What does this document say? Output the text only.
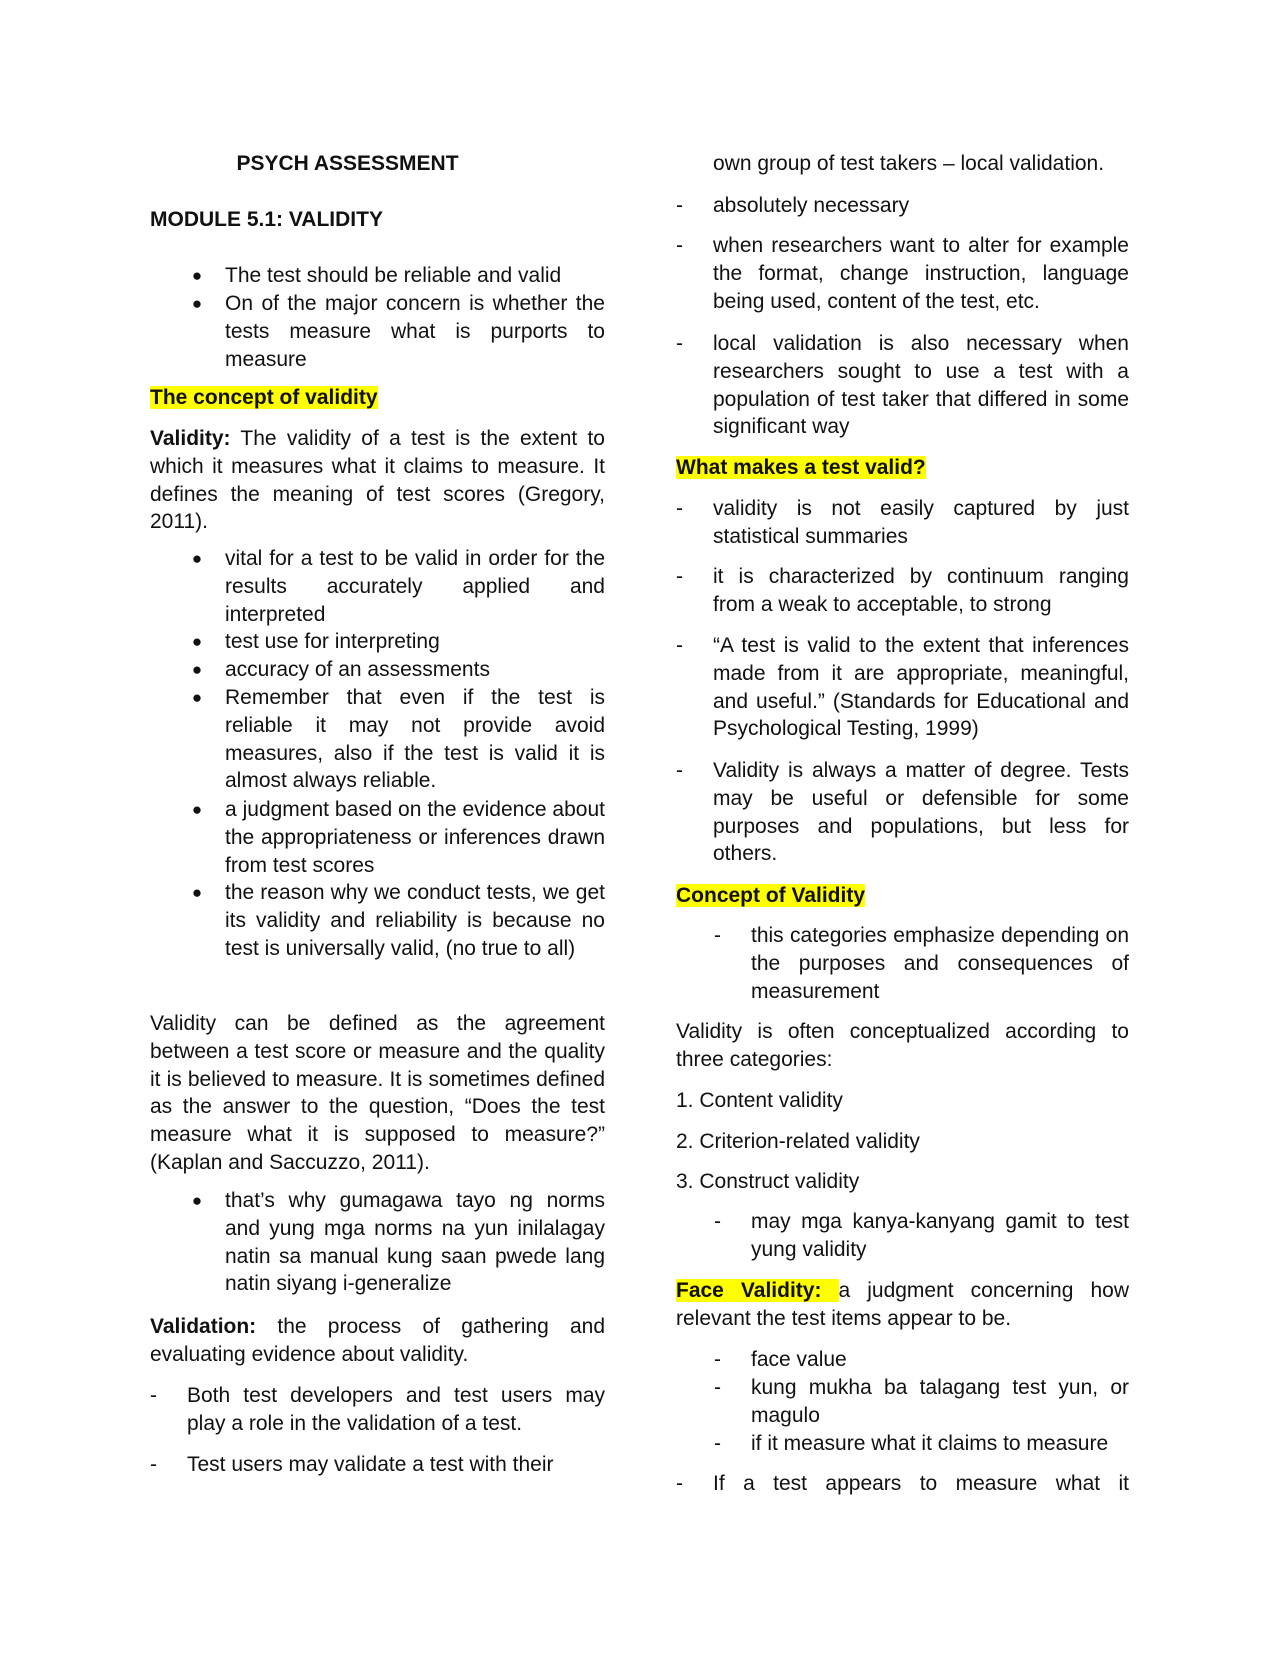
PSYCH ASSESSMENT
MODULE 5.1: VALIDITY
● The test should be reliable and valid
● On of the major concern is whether the tests measure what is purports to measure
The concept of validity
Validity: The validity of a test is the extent to which it measures what it claims to measure. It defines the meaning of test scores (Gregory, 2011).
● vital for a test to be valid in order for the results accurately applied and interpreted
● test use for interpreting
● accuracy of an assessments
● Remember that even if the test is reliable it may not provide avoid measures, also if the test is valid it is almost always reliable.
● a judgment based on the evidence about the appropriateness or inferences drawn from test scores
● the reason why we conduct tests, we get its validity and reliability is because no test is universally valid, (no true to all)
Validity can be defined as the agreement between a test score or measure and the quality it is believed to measure. It is sometimes defined as the answer to the question, “Does the test measure what it is supposed to measure?” (Kaplan and Saccuzzo, 2011).
● that’s why gumagawa tayo ng norms and yung mga norms na yun inilalagay natin sa manual kung saan pwede lang natin siyang i-generalize
Validation: the process of gathering and evaluating evidence about validity.
-	Both test developers and test users may play a role in the validation of a test.
-	Test users may validate a test with their
own group of test takers – local validation.
-	absolutely necessary
-	when researchers want to alter for example the format, change instruction, language being used, content of the test, etc.
-	local validation is also necessary when researchers sought to use a test with a population of test taker that differed in some significant way
What makes a test valid?
-	validity is not easily captured by just statistical summaries
-	it is characterized by continuum ranging from a weak to acceptable, to strong
-	“A test is valid to the extent that inferences made from it are appropriate, meaningful, and useful.” (Standards for Educational and Psychological Testing, 1999)
-	Validity is always a matter of degree. Tests may be useful or defensible for some purposes and populations, but less for others.
Concept of Validity
-	this categories emphasize depending on the purposes and consequences of measurement
Validity is often conceptualized according to three categories:
1. Content validity
2. Criterion-related validity
3. Construct validity
-	may mga kanya-kanyang gamit to test yung validity
Face Validity: a judgment concerning how relevant the test items appear to be.
-	face value
-	kung mukha ba talagang test yun, or magulo
-	if it measure what it claims to measure
-	If a test appears to measure what it
